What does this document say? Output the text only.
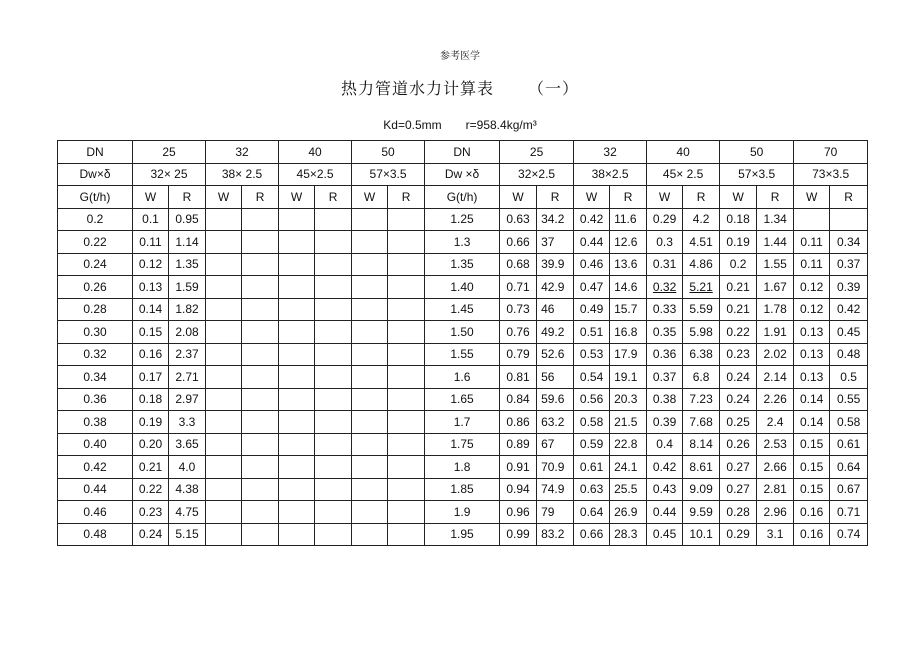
参考医学
热力管道水力计算表 （一）
Kd=0.5mm r=958.4kg/m³
DN	25		32		40		50		DN	25		32		40		50		70	
Dw×δ	32× 25		38× 2.5		45×2.5		57×3.5		Dw ×δ	32×2.5		38×2.5		45× 2.5		57×3.5		73×3.5	
G(t/h)	W	R	W	R	W	R	W	R	G(t/h)	W	R	W	R	W	R	W	R	W	R
0.2	0.1	0.95							1.25	0.63	34.2	0.42	11.6	0.29	4.2	0.18	1.34		
0.22	0.11	1.14							1.3	0.66	37	0.44	12.6	0.3	4.51	0.19	1.44	0.11	0.34
0.24	0.12	1.35							1.35	0.68	39.9	0.46	13.6	0.31	4.86	0.2	1.55	0.11	0.37
0.26	0.13	1.59							1.40	0.71	42.9	0.47	14.6	0.32	5.21	0.21	1.67	0.12	0.39
0.28	0.14	1.82							1.45	0.73	46	0.49	15.7	0.33	5.59	0.21	1.78	0.12	0.42
0.30	0.15	2.08							1.50	0.76	49.2	0.51	16.8	0.35	5.98	0.22	1.91	0.13	0.45
0.32	0.16	2.37							1.55	0.79	52.6	0.53	17.9	0.36	6.38	0.23	2.02	0.13	0.48
0.34	0.17	2.71							1.6	0.81	56	0.54	19.1	0.37	6.8	0.24	2.14	0.13	0.5
0.36	0.18	2.97							1.65	0.84	59.6	0.56	20.3	0.38	7.23	0.24	2.26	0.14	0.55
0.38	0.19	3.3							1.7	0.86	63.2	0.58	21.5	0.39	7.68	0.25	2.4	0.14	0.58
0.40	0.20	3.65							1.75	0.89	67	0.59	22.8	0.4	8.14	0.26	2.53	0.15	0.61
0.42	0.21	4.0							1.8	0.91	70.9	0.61	24.1	0.42	8.61	0.27	2.66	0.15	0.64
0.44	0.22	4.38							1.85	0.94	74.9	0.63	25.5	0.43	9.09	0.27	2.81	0.15	0.67
0.46	0.23	4.75							1.9	0.96	79	0.64	26.9	0.44	9.59	0.28	2.96	0.16	0.71
0.48	0.24	5.15							1.95	0.99	83.2	0.66	28.3	0.45	10.1	0.29	3.1	0.16	0.74
